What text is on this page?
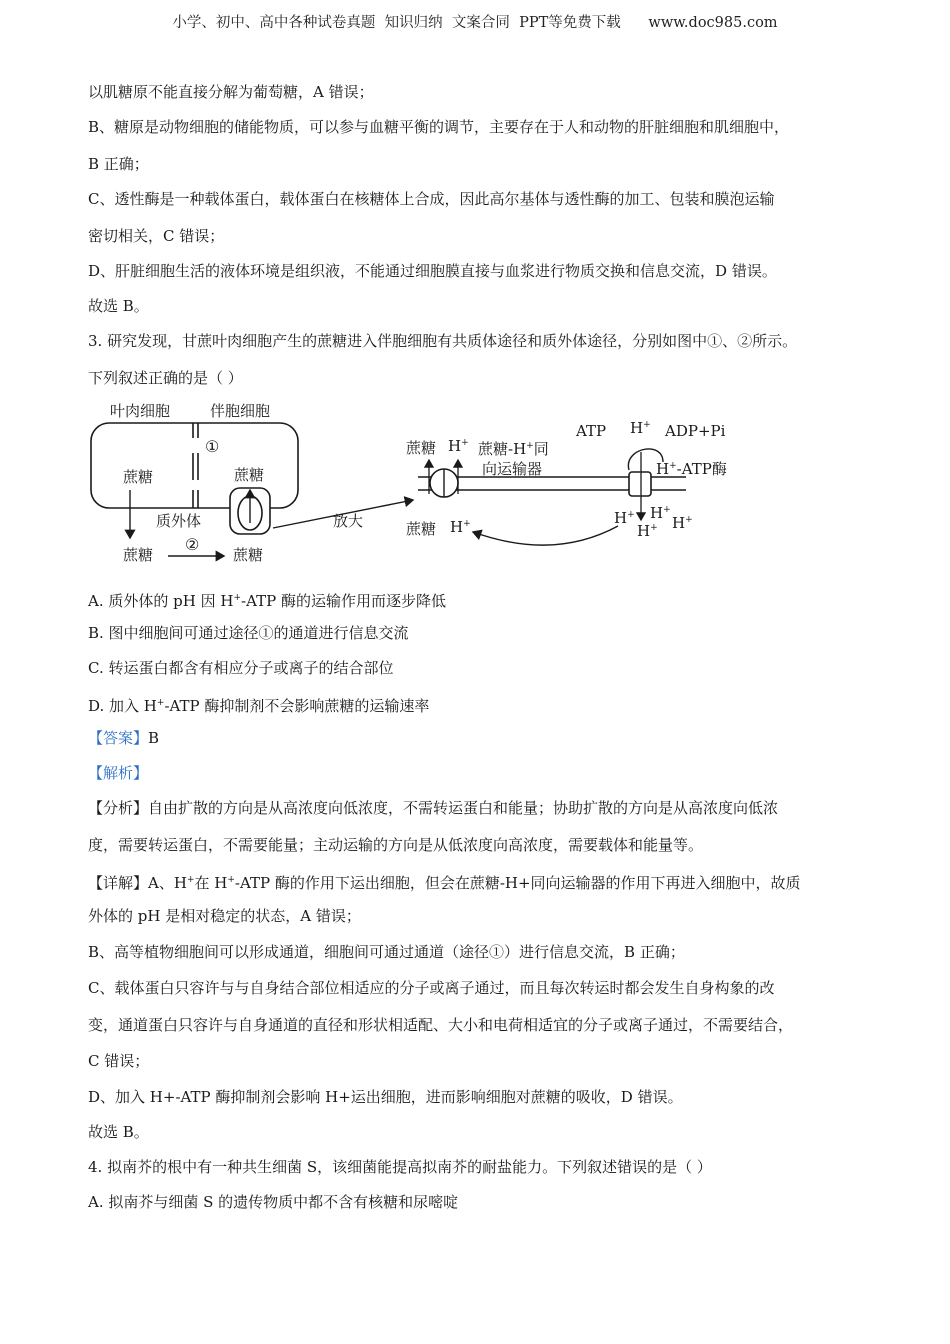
小学、初中、高中各种试卷真题  知识归纳  文案合同  PPT等免费下载      www.doc985.com
以肌糖原不能直接分解为葡萄糖，A 错误；
B、糖原是动物细胞的储能物质，可以参与血糖平衡的调节，主要存在于人和动物的肝脏细胞和肌细胞中，
B 正确；
C、透性酶是一种载体蛋白，载体蛋白在核糖体上合成，因此高尔基体与透性酶的加工、包装和膜泡运输
密切相关，C 错误；
D、肝脏细胞生活的液体环境是组织液，不能通过细胞膜直接与血浆进行物质交换和信息交流，D 错误。
故选 B。
3. 研究发现，甘蔗叶肉细胞产生的蔗糖进入伴胞细胞有共质体途径和质外体途径，分别如图中①、②所示。
下列叙述正确的是（ ）
叶肉细胞	伴胞细胞
①
蔗糖	蔗糖
质外体
蔗糖
②
蔗糖
放大
蔗糖 H+ 蔗糖-H+同
向运输器
蔗糖 H+
ATP H+ ADP+Pi
H+-ATP酶
H+ H+
H+
H+
A. 质外体的 pH 因 H+-ATP 酶的运输作用而逐步降低
B. 图中细胞间可通过途径①的通道进行信息交流
C. 转运蛋白都含有相应分子或离子的结合部位
D. 加入 H+-ATP 酶抑制剂不会影响蔗糖的运输速率
【答案】B
【解析】
【分析】自由扩散的方向是从高浓度向低浓度，不需转运蛋白和能量；协助扩散的方向是从高浓度向低浓
度，需要转运蛋白，不需要能量；主动运输的方向是从低浓度向高浓度，需要载体和能量等。
【详解】A、H+在 H+-ATP 酶的作用下运出细胞，但会在蔗糖-H+同向运输器的作用下再进入细胞中，故质
外体的 pH 是相对稳定的状态，A 错误；
B、高等植物细胞间可以形成通道，细胞间可通过通道（途径①）进行信息交流，B 正确；
C、载体蛋白只容许与与自身结合部位相适应的分子或离子通过，而且每次转运时都会发生自身构象的改
变，通道蛋白只容许与自身通道的直径和形状相适配、大小和电荷相适宜的分子或离子通过，不需要结合，
C 错误；
D、加入 H+-ATP 酶抑制剂会影响 H+运出细胞，进而影响细胞对蔗糖的吸收，D 错误。
故选 B。
4. 拟南芥的根中有一种共生细菌 S，该细菌能提高拟南芥的耐盐能力。下列叙述错误的是（ ）
A. 拟南芥与细菌 S 的遗传物质中都不含有核糖和尿嘧啶
